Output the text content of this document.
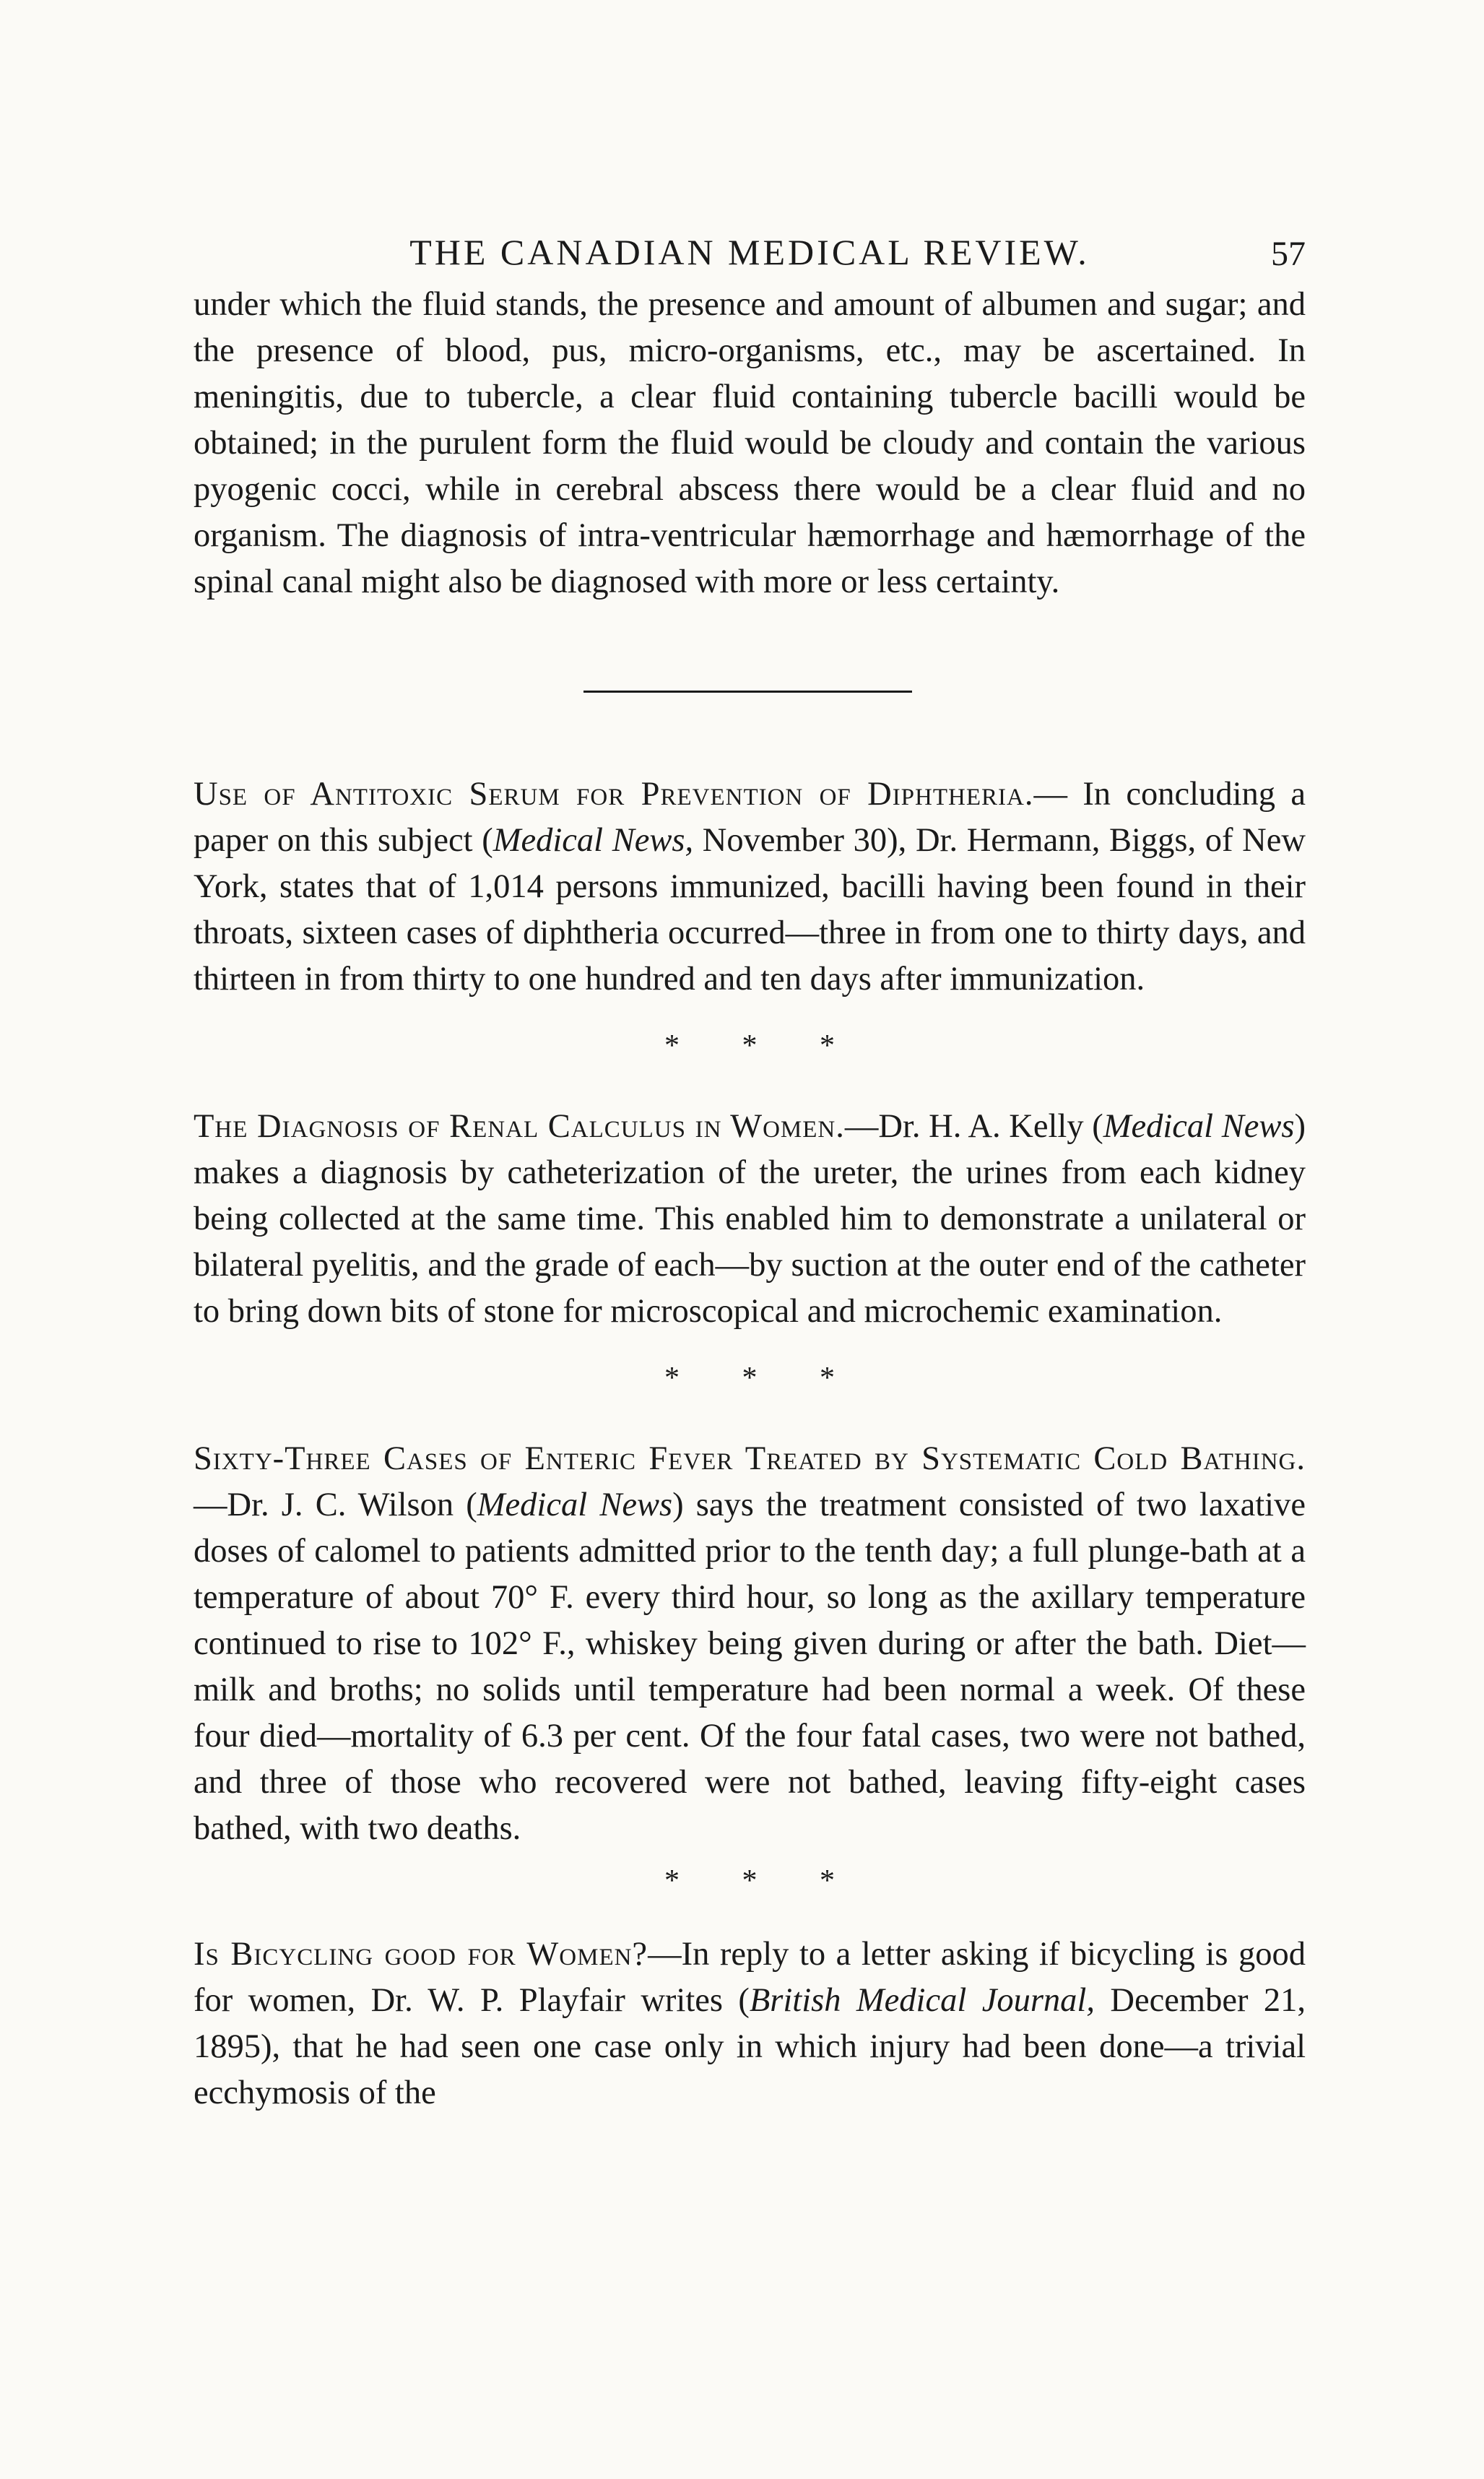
THE CANADIAN MEDICAL REVIEW.	57

under which the fluid stands, the presence and amount of albumen and sugar; and the presence of blood, pus, micro-organisms, etc., may be ascertained. In meningitis, due to tubercle, a clear fluid containing tubercle bacilli would be obtained; in the purulent form the fluid would be cloudy and contain the various pyogenic cocci, while in cerebral abscess there would be a clear fluid and no organism. The diagnosis of intra-ventricular hæmorrhage and hæmorrhage of the spinal canal might also be diagnosed with more or less certainty.

Use of Antitoxic Serum for Prevention of Diphtheria.— In concluding a paper on this subject (Medical News, November 30), Dr. Hermann, Biggs, of New York, states that of 1,014 persons immunized, bacilli having been found in their throats, sixteen cases of diphtheria occurred—three in from one to thirty days, and thirteen in from thirty to one hundred and ten days after immunization.

* * *

The Diagnosis of Renal Calculus in Women.—Dr. H. A. Kelly (Medical News) makes a diagnosis by catheterization of the ureter, the urines from each kidney being collected at the same time. This enabled him to demonstrate a unilateral or bilateral pyelitis, and the grade of each—by suction at the outer end of the catheter to bring down bits of stone for microscopical and microchemic examination.

* * *

Sixty-Three Cases of Enteric Fever Treated by Systematic Cold Bathing.—Dr. J. C. Wilson (Medical News) says the treatment consisted of two laxative doses of calomel to patients admitted prior to the tenth day; a full plunge-bath at a temperature of about 70° F. every third hour, so long as the axillary temperature continued to rise to 102° F., whiskey being given during or after the bath. Diet—milk and broths; no solids until temperature had been normal a week. Of these four died—mortality of 6.3 per cent. Of the four fatal cases, two were not bathed, and three of those who recovered were not bathed, leaving fifty-eight cases bathed, with two deaths.

* * *

Is Bicycling good for Women?—In reply to a letter asking if bicycling is good for women, Dr. W. P. Playfair writes (British Medical Journal, December 21, 1895), that he had seen one case only in which injury had been done—a trivial ecchymosis of the
